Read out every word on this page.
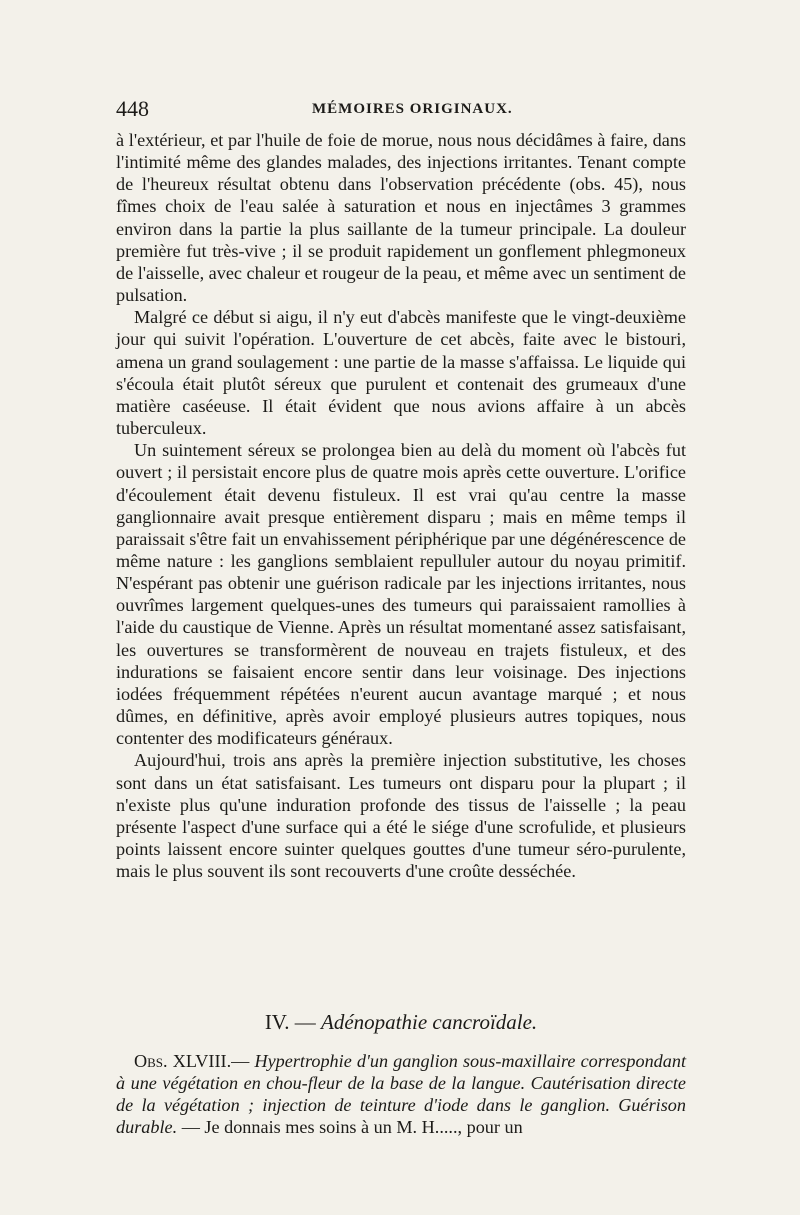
448	MÉMOIRES ORIGINAUX.

à l'extérieur, et par l'huile de foie de morue, nous nous décidâmes à faire, dans l'intimité même des glandes malades, des injections irritantes. Tenant compte de l'heureux résultat obtenu dans l'observation précédente (obs. 45), nous fîmes choix de l'eau salée à saturation et nous en injectâmes 3 grammes environ dans la partie la plus saillante de la tumeur principale. La douleur première fut très-vive ; il se produit rapidement un gonflement phlegmoneux de l'aisselle, avec chaleur et rougeur de la peau, et même avec un sentiment de pulsation.

Malgré ce début si aigu, il n'y eut d'abcès manifeste que le vingt-deuxième jour qui suivit l'opération. L'ouverture de cet abcès, faite avec le bistouri, amena un grand soulagement : une partie de la masse s'affaissa. Le liquide qui s'écoula était plutôt séreux que purulent et contenait des grumeaux d'une matière caséeuse. Il était évident que nous avions affaire à un abcès tuberculeux.

Un suintement séreux se prolongea bien au delà du moment où l'abcès fut ouvert ; il persistait encore plus de quatre mois après cette ouverture. L'orifice d'écoulement était devenu fistuleux. Il est vrai qu'au centre la masse ganglionnaire avait presque entièrement disparu ; mais en même temps il paraissait s'être fait un envahissement périphérique par une dégénérescence de même nature : les ganglions semblaient repulluler autour du noyau primitif. N'espérant pas obtenir une guérison radicale par les injections irritantes, nous ouvrîmes largement quelques-unes des tumeurs qui paraissaient ramollies à l'aide du caustique de Vienne. Après un résultat momentané assez satisfaisant, les ouvertures se transformèrent de nouveau en trajets fistuleux, et des indurations se faisaient encore sentir dans leur voisinage. Des injections iodées fréquemment répétées n'eurent aucun avantage marqué ; et nous dûmes, en définitive, après avoir employé plusieurs autres topiques, nous contenter des modificateurs généraux.

Aujourd'hui, trois ans après la première injection substitutive, les choses sont dans un état satisfaisant. Les tumeurs ont disparu pour la plupart ; il n'existe plus qu'une induration profonde des tissus de l'aisselle ; la peau présente l'aspect d'une surface qui a été le siége d'une scrofulide, et plusieurs points laissent encore suinter quelques gouttes d'une tumeur séro-purulente, mais le plus souvent ils sont recouverts d'une croûte desséchée.

IV. — Adénopathie cancroïdale.

Obs. XLVIII.— Hypertrophie d'un ganglion sous-maxillaire correspondant à une végétation en chou-fleur de la base de la langue. Cautérisation directe de la végétation ; injection de teinture d'iode dans le ganglion. Guérison durable. — Je donnais mes soins à un M. H....., pour un
